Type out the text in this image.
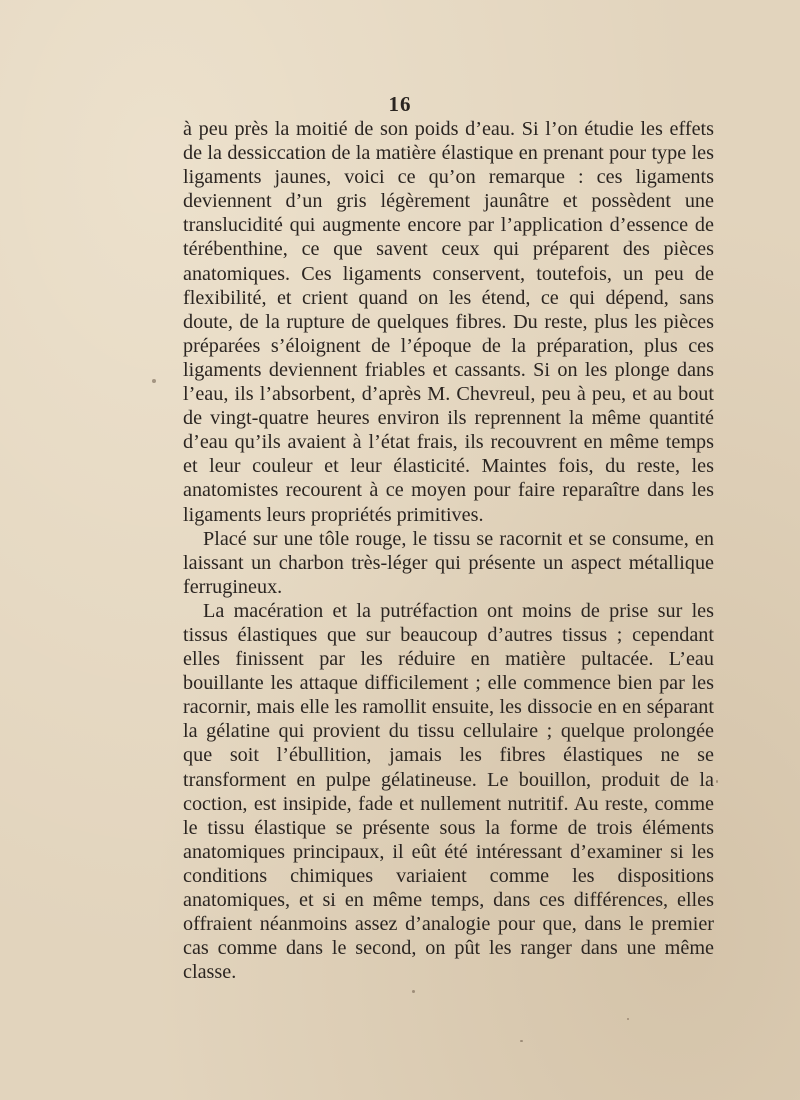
16

à peu près la moitié de son poids d’eau. Si l’on étudie les effets de la dessiccation de la matière élastique en prenant pour type les ligaments jaunes, voici ce qu’on remarque : ces ligaments deviennent d’un gris légèrement jaunâtre et possèdent une translucidité qui augmente encore par l’application d’essence de térébenthine, ce que savent ceux qui préparent des pièces anatomiques. Ces ligaments conservent, toutefois, un peu de flexibilité, et crient quand on les étend, ce qui dépend, sans doute, de la rupture de quelques fibres. Du reste, plus les pièces préparées s’éloignent de l’époque de la préparation, plus ces ligaments deviennent friables et cassants. Si on les plonge dans l’eau, ils l’absorbent, d’après M. Chevreul, peu à peu, et au bout de vingt-quatre heures environ ils reprennent la même quantité d’eau qu’ils avaient à l’état frais, ils recouvrent en même temps et leur couleur et leur élasticité. Maintes fois, du reste, les anatomistes recourent à ce moyen pour faire reparaître dans les ligaments leurs propriétés primitives.

Placé sur une tôle rouge, le tissu se racornit et se consume, en laissant un charbon très-léger qui présente un aspect métallique ferrugineux.

La macération et la putréfaction ont moins de prise sur les tissus élastiques que sur beaucoup d’autres tissus ; cependant elles finissent par les réduire en matière pultacée. L’eau bouillante les attaque difficilement ; elle commence bien par les racornir, mais elle les ramollit ensuite, les dissocie en en séparant la gélatine qui provient du tissu cellulaire ; quelque prolongée que soit l’ébullition, jamais les fibres élastiques ne se transforment en pulpe gélatineuse. Le bouillon, produit de la coction, est insipide, fade et nullement nutritif. Au reste, comme le tissu élastique se présente sous la forme de trois éléments anatomiques principaux, il eût été intéressant d’examiner si les conditions chimiques variaient comme les dispositions anatomiques, et si en même temps, dans ces différences, elles offraient néanmoins assez d’analogie pour que, dans le premier cas comme dans le second, on pût les ranger dans une même classe.
